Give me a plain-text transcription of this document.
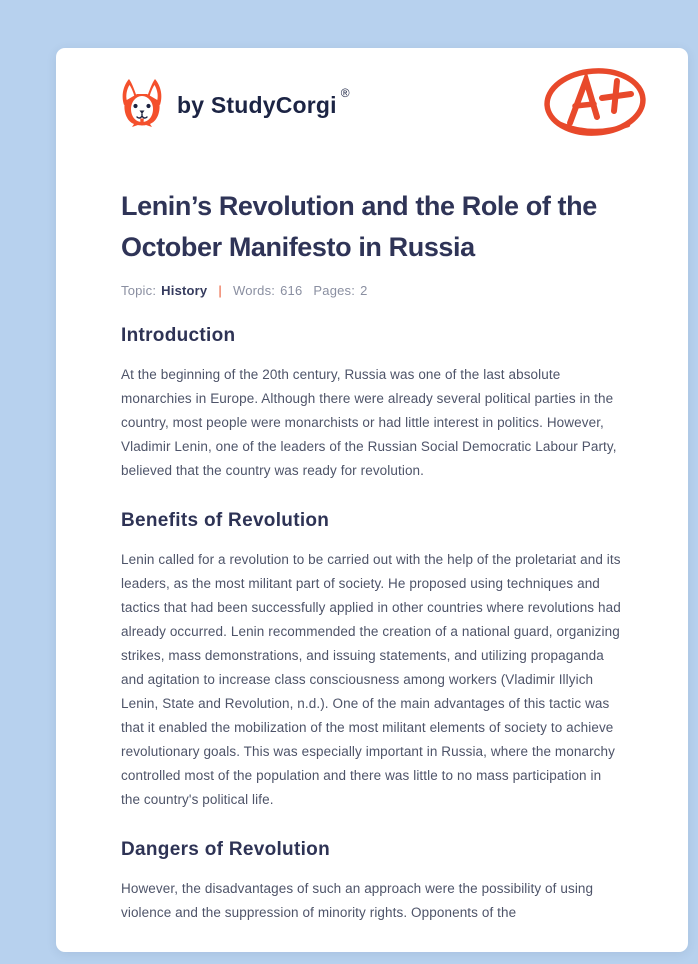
by StudyCorgi ®
Lenin’s Revolution and the Role of the October Manifesto in Russia
Topic: History | Words: 616 Pages: 2
Introduction

At the beginning of the 20th century, Russia was one of the last absolute monarchies in Europe. Although there were already several political parties in the country, most people were monarchists or had little interest in politics. However, Vladimir Lenin, one of the leaders of the Russian Social Democratic Labour Party, believed that the country was ready for revolution.

Benefits of Revolution

Lenin called for a revolution to be carried out with the help of the proletariat and its leaders, as the most militant part of society. He proposed using techniques and tactics that had been successfully applied in other countries where revolutions had already occurred. Lenin recommended the creation of a national guard, organizing strikes, mass demonstrations, and issuing statements, and utilizing propaganda and agitation to increase class consciousness among workers (Vladimir Illyich Lenin, State and Revolution, n.d.). One of the main advantages of this tactic was that it enabled the mobilization of the most militant elements of society to achieve revolutionary goals. This was especially important in Russia, where the monarchy controlled most of the population and there was little to no mass participation in the country's political life.

Dangers of Revolution

However, the disadvantages of such an approach were the possibility of using violence and the suppression of minority rights. Opponents of the
